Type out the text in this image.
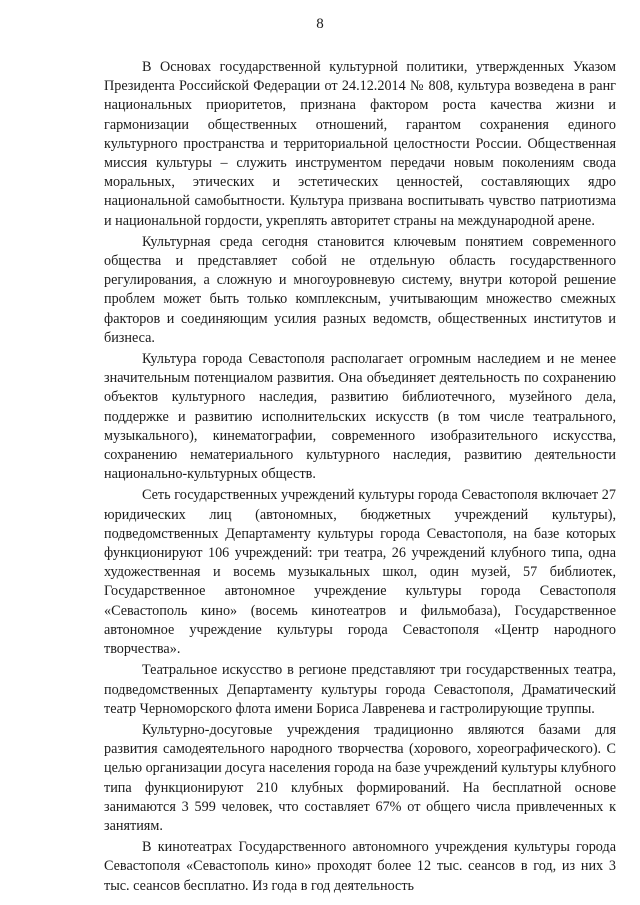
8

В Основах государственной культурной политики, утвержденных Указом Президента Российской Федерации от 24.12.2014 № 808, культура возведена в ранг национальных приоритетов, признана фактором роста качества жизни и гармонизации общественных отношений, гарантом сохранения единого культурного пространства и территориальной целостности России. Общественная миссия культуры – служить инструментом передачи новым поколениям свода моральных, этических и эстетических ценностей, составляющих ядро национальной самобытности. Культура призвана воспитывать чувство патриотизма и национальной гордости, укреплять авторитет страны на международной арене.

Культурная среда сегодня становится ключевым понятием современного общества и представляет собой не отдельную область государственного регулирования, а сложную и многоуровневую систему, внутри которой решение проблем может быть только комплексным, учитывающим множество смежных факторов и соединяющим усилия разных ведомств, общественных институтов и бизнеса.

Культура города Севастополя располагает огромным наследием и не менее значительным потенциалом развития. Она объединяет деятельность по сохранению объектов культурного наследия, развитию библиотечного, музейного дела, поддержке и развитию исполнительских искусств (в том числе театрального, музыкального), кинематографии, современного изобразительного искусства, сохранению нематериального культурного наследия, развитию деятельности национально-культурных обществ.

Сеть государственных учреждений культуры города Севастополя включает 27 юридических лиц (автономных, бюджетных учреждений культуры), подведомственных Департаменту культуры города Севастополя, на базе которых функционируют 106 учреждений: три театра, 26 учреждений клубного типа, одна художественная и восемь музыкальных школ, один музей, 57 библиотек, Государственное автономное учреждение культуры города Севастополя «Севастополь кино» (восемь кинотеатров и фильмобаза), Государственное автономное учреждение культуры города Севастополя «Центр народного творчества».

Театральное искусство в регионе представляют три государственных театра, подведомственных Департаменту культуры города Севастополя, Драматический театр Черноморского флота имени Бориса Лавренева и гастролирующие труппы.

Культурно-досуговые учреждения традиционно являются базами для развития самодеятельного народного творчества (хорового, хореографического). С целью организации досуга населения города на базе учреждений культуры клубного типа функционируют 210 клубных формирований. На бесплатной основе занимаются 3 599 человек, что составляет 67% от общего числа привлеченных к занятиям.

В кинотеатрах Государственного автономного учреждения культуры города Севастополя «Севастополь кино» проходят более 12 тыс. сеансов в год, из них 3 тыс. сеансов бесплатно. Из года в год деятельность
